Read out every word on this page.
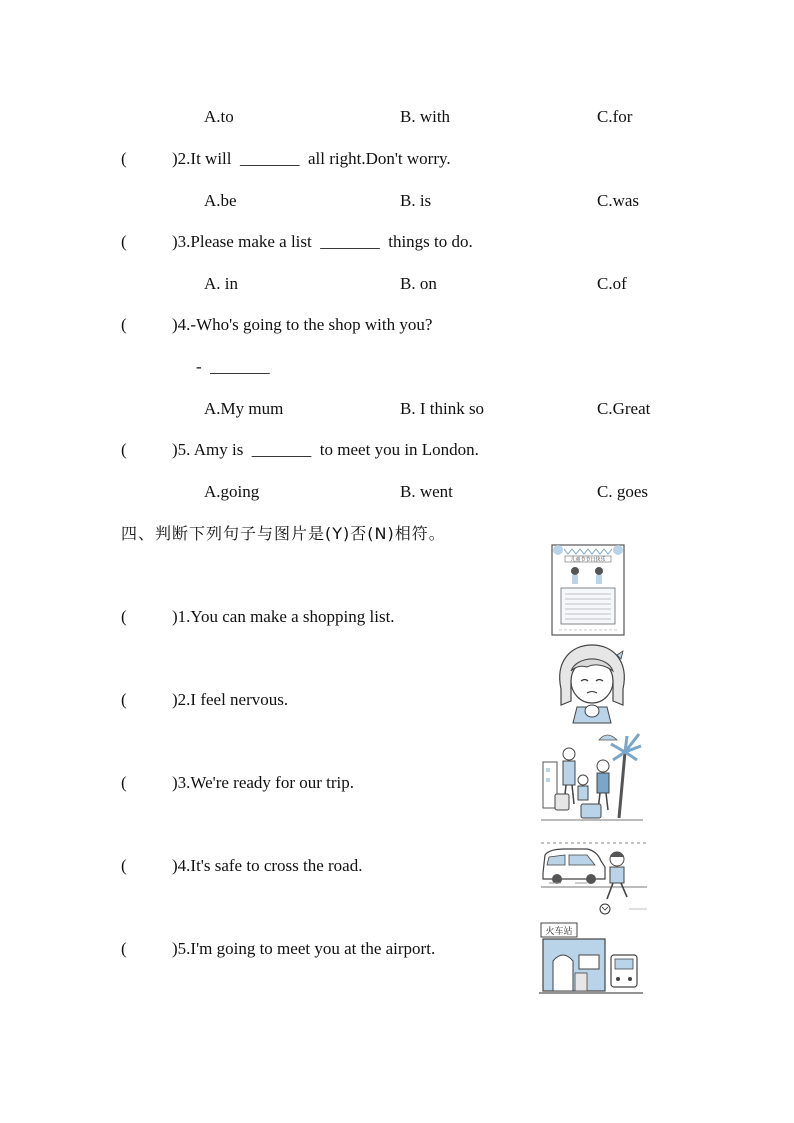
A.to	B. with	C.for
(	)2.It will  _______  all right.Don't worry.
A.be	B. is	C.was
(	)3.Please make a list  _______  things to do.
A. in	B. on	C.of
(	)4.-Who's going to the shop with you?
-  _______
A.My mum	B. I think so	C.Great
(	)5. Amy is  _______  to meet you in London.
A.going	B. went	C. goes
四、判断下列句子与图片是(Y)否(N)相符。
(	)1.You can make a shopping list.
(	)2.I feel nervous.
(	)3.We're ready for our trip.
(	)4.It's safe to cross the road.
(	)5.I'm going to meet you at the airport.
儿童节节日快乐
火车站
